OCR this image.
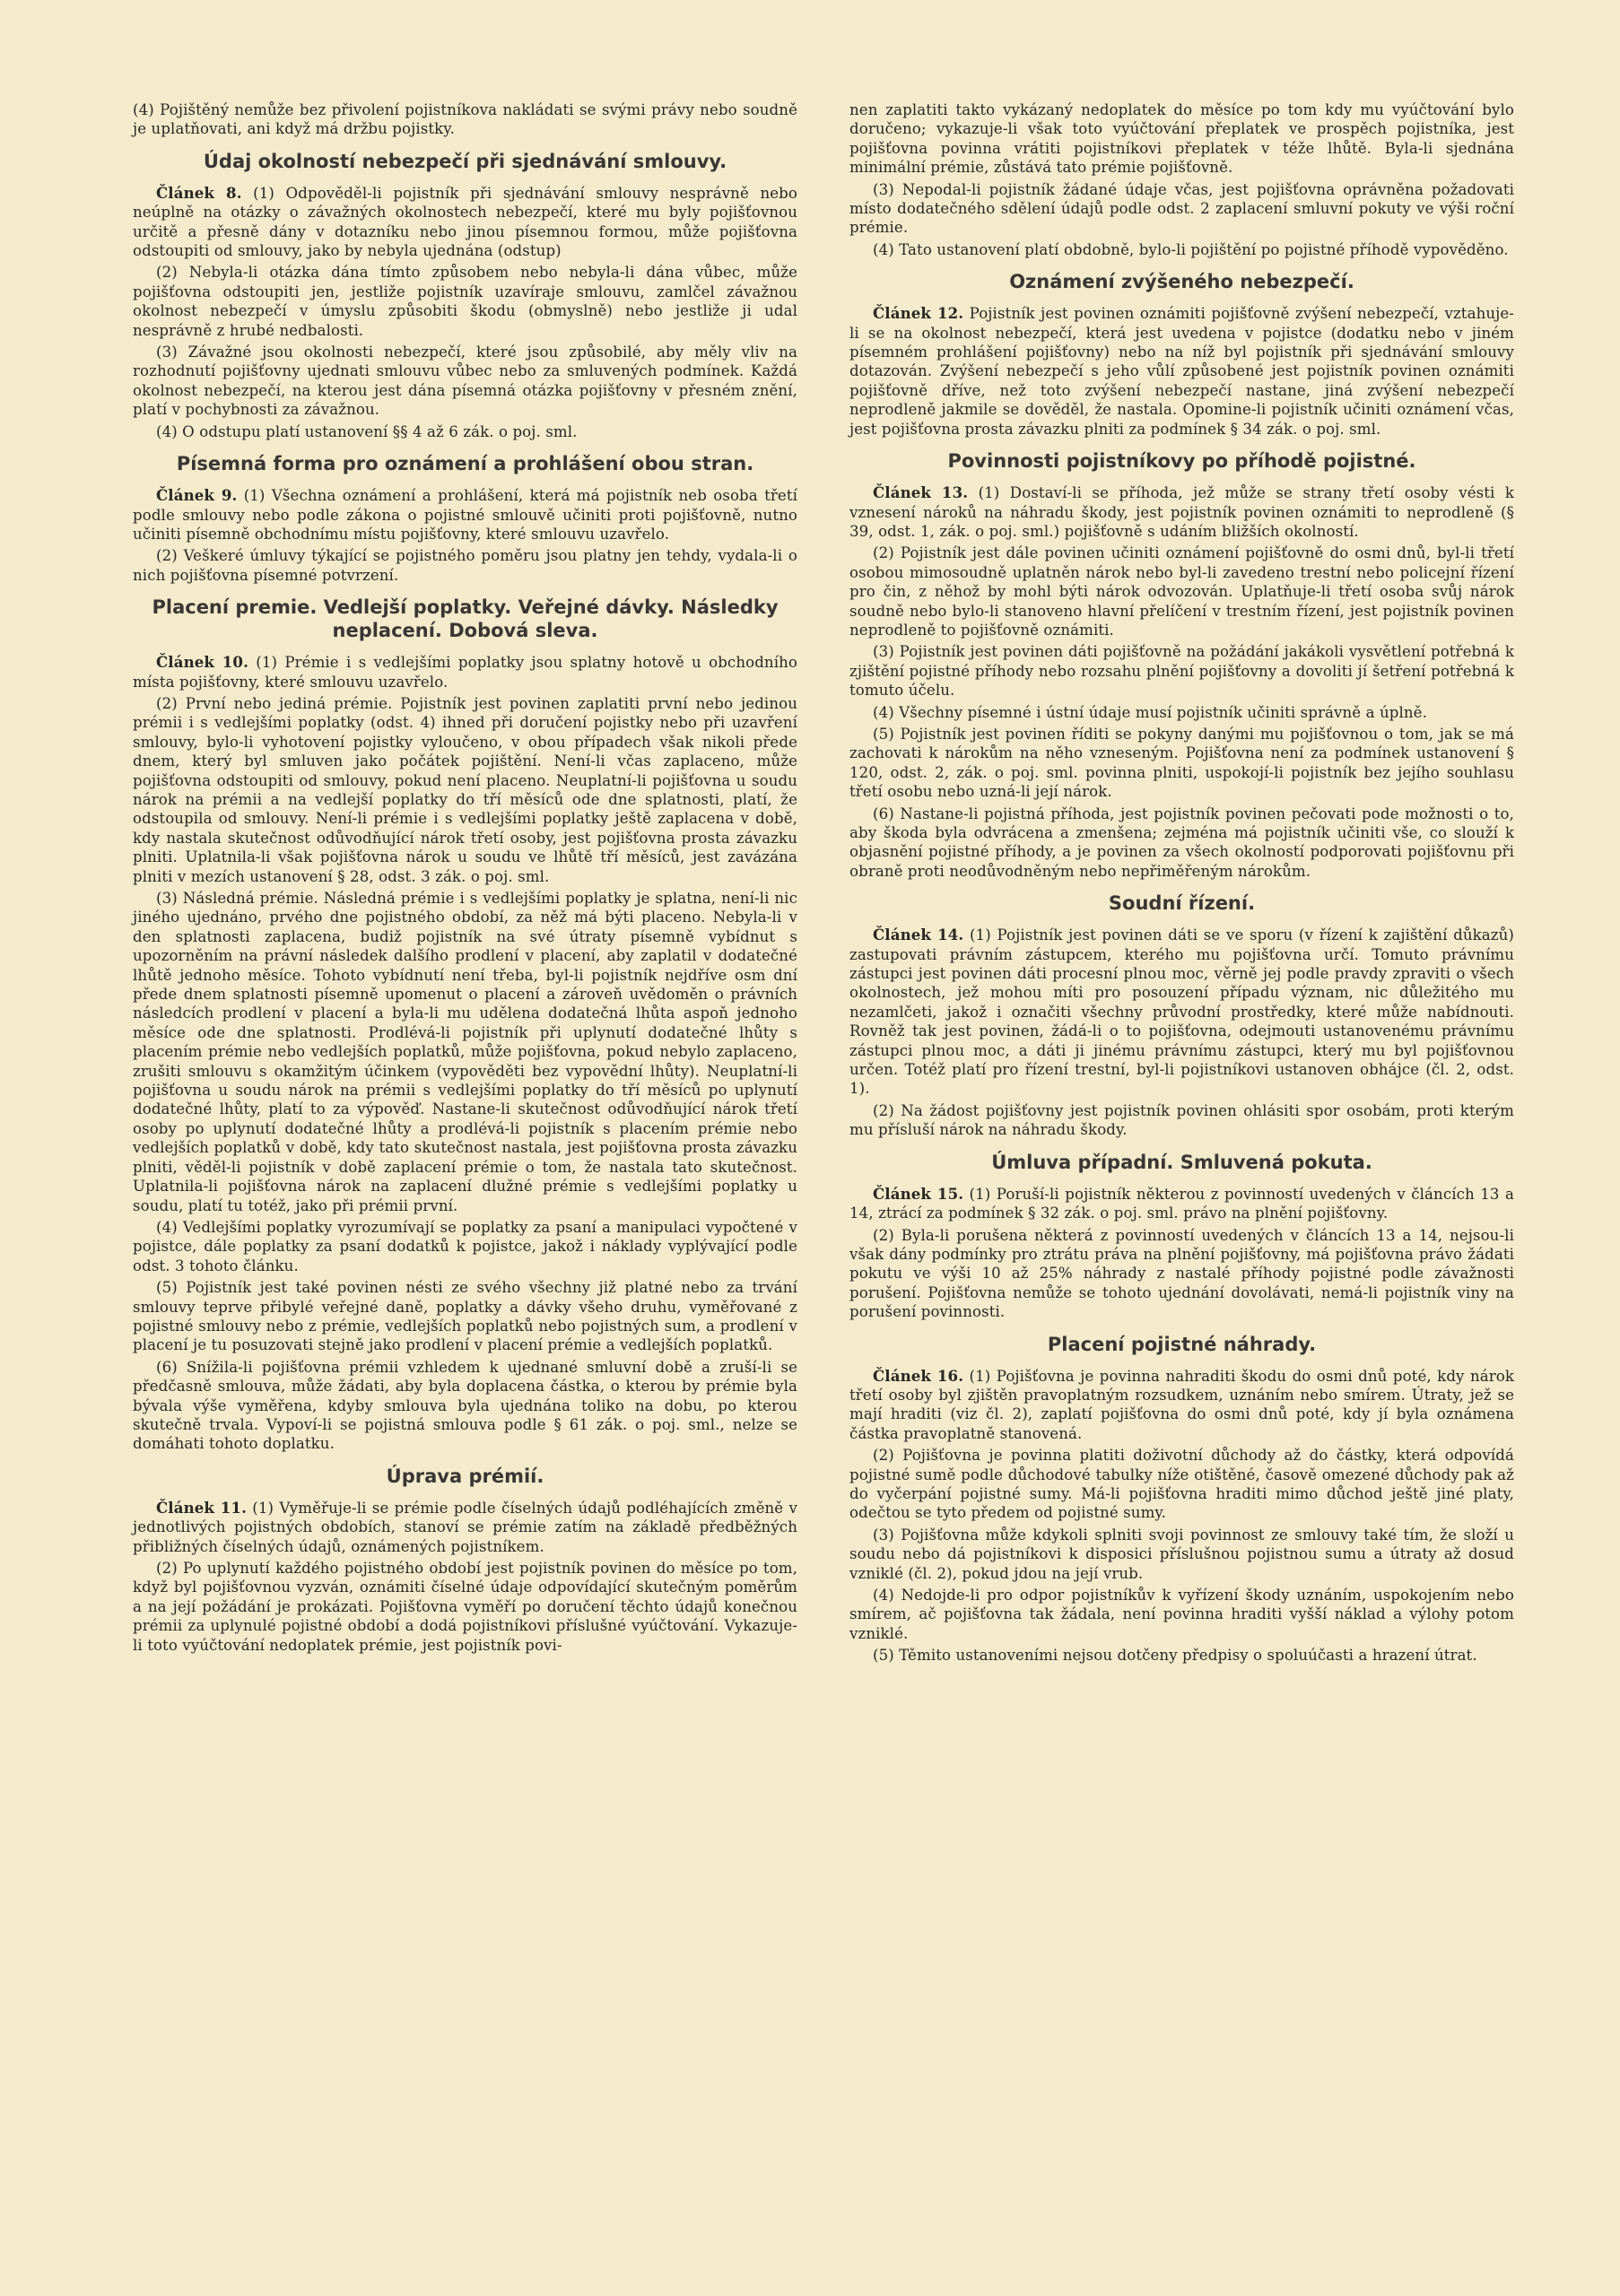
(4) Pojištěný nemůže bez přivolení pojistníkova nakládati se svými právy nebo soudně je uplatňovati, ani když má držbu pojistky.

Údaj okolností nebezpečí při sjednávání smlouvy.

Článek 8. (1) Odpověděl-li pojistník při sjednávání smlouvy nesprávně nebo neúplně na otázky o závažných okolnostech nebezpečí, které mu byly pojišťovnou určitě a přesně dány v dotazníku nebo jinou písemnou formou, může pojišťovna odstoupiti od smlouvy, jako by nebyla ujednána (odstup)

(2) Nebyla-li otázka dána tímto způsobem nebo nebyla-li dána vůbec, může pojišťovna odstoupiti jen, jestliže pojistník uzavíraje smlouvu, zamlčel závažnou okolnost nebezpečí v úmyslu způsobiti škodu (obmyslně) nebo jestliže ji udal nesprávně z hrubé nedbalosti.

(3) Závažné jsou okolnosti nebezpečí, které jsou způsobilé, aby měly vliv na rozhodnutí pojišťovny ujednati smlouvu vůbec nebo za smluvených podmínek. Každá okolnost nebezpečí, na kterou jest dána písemná otázka pojišťovny v přesném znění, platí v pochybnosti za závažnou.

(4) O odstupu platí ustanovení §§ 4 až 6 zák. o poj. sml.

Písemná forma pro oznámení a prohlášení obou stran.

Článek 9. (1) Všechna oznámení a prohlášení, která má pojistník neb osoba třetí podle smlouvy nebo podle zákona o pojistné smlouvě učiniti proti pojišťovně, nutno učiniti písemně obchodnímu místu pojišťovny, které smlouvu uzavřelo.

(2) Veškeré úmluvy týkající se pojistného poměru jsou platny jen tehdy, vydala-li o nich pojišťovna písemné potvrzení.

Placení premie. Vedlejší poplatky. Veřejné dávky. Následky neplacení. Dobová sleva.

Článek 10. (1) Prémie i s vedlejšími poplatky jsou splatny hotově u obchodního místa pojišťovny, které smlouvu uzavřelo.

(2) První nebo jediná prémie. Pojistník jest povinen zaplatiti první nebo jedinou prémii i s vedlejšími poplatky (odst. 4) ihned při doručení pojistky nebo při uzavření smlouvy, bylo-li vyhotovení pojistky vyloučeno, v obou případech však nikoli přede dnem, který byl smluven jako počátek pojištění. Není-li včas zaplaceno, může pojišťovna odstoupiti od smlouvy, pokud není placeno. Neuplatní-li pojišťovna u soudu nárok na prémii a na vedlejší poplatky do tří měsíců ode dne splatnosti, platí, že odstoupila od smlouvy. Není-li prémie i s vedlejšími poplatky ještě zaplacena v době, kdy nastala skutečnost odůvodňující nárok třetí osoby, jest pojišťovna prosta závazku plniti. Uplatnila-li však pojišťovna nárok u soudu ve lhůtě tří měsíců, jest zavázána plniti v mezích ustanovení § 28, odst. 3 zák. o poj. sml.

(3) Následná prémie. Následná prémie i s vedlejšími poplatky je splatna, není-li nic jiného ujednáno, prvého dne pojistného období, za něž má býti placeno. Nebyla-li v den splatnosti zaplacena, budiž pojistník na své útraty písemně vybídnut s upozorněním na právní následek dalšího prodlení v placení, aby zaplatil v dodatečné lhůtě jednoho měsíce. Tohoto vybídnutí není třeba, byl-li pojistník nejdříve osm dní přede dnem splatnosti písemně upomenut o placení a zároveň uvědoměn o právních následcích prodlení v placení a byla-li mu udělena dodatečná lhůta aspoň jednoho měsíce ode dne splatnosti. Prodlévá-li pojistník při uplynutí dodatečné lhůty s placením prémie nebo vedlejších poplatků, může pojišťovna, pokud nebylo zaplaceno, zrušiti smlouvu s okamžitým účinkem (vypověděti bez vypovědní lhůty). Neuplatní-li pojišťovna u soudu nárok na prémii s vedlejšími poplatky do tří měsíců po uplynutí dodatečné lhůty, platí to za výpověď. Nastane-li skutečnost odůvodňující nárok třetí osoby po uplynutí dodatečné lhůty a prodlévá-li pojistník s placením prémie nebo vedlejších poplatků v době, kdy tato skutečnost nastala, jest pojišťovna prosta závazku plniti, věděl-li pojistník v době zaplacení prémie o tom, že nastala tato skutečnost. Uplatnila-li pojišťovna nárok na zaplacení dlužné prémie s vedlejšími poplatky u soudu, platí tu totéž, jako při prémii první.

(4) Vedlejšími poplatky vyrozumívají se poplatky za psaní a manipulaci vypočtené v pojistce, dále poplatky za psaní dodatků k pojistce, jakož i náklady vyplývající podle odst. 3 tohoto článku.

(5) Pojistník jest také povinen nésti ze svého všechny již platné nebo za trvání smlouvy teprve přibylé veřejné daně, poplatky a dávky všeho druhu, vyměřované z pojistné smlouvy nebo z prémie, vedlejších poplatků nebo pojistných sum, a prodlení v placení je tu posuzovati stejně jako prodlení v placení prémie a vedlejších poplatků.

(6) Snížila-li pojišťovna prémii vzhledem k ujednané smluvní době a zruší-li se předčasně smlouva, může žádati, aby byla doplacena částka, o kterou by prémie byla bývala výše vyměřena, kdyby smlouva byla ujednána toliko na dobu, po kterou skutečně trvala. Vypoví-li se pojistná smlouva podle § 61 zák. o poj. sml., nelze se domáhati tohoto doplatku.

Úprava prémií.

Článek 11. (1) Vyměřuje-li se prémie podle číselných údajů podléhajících změně v jednotlivých pojistných obdobích, stanoví se prémie zatím na základě předběžných přibližných číselných údajů, oznámených pojistníkem.

(2) Po uplynutí každého pojistného období jest pojistník povinen do měsíce po tom, když byl pojišťovnou vyzván, oznámiti číselné údaje odpovídající skutečným poměrům a na její požádání je prokázati. Pojišťovna vyměří po doručení těchto údajů konečnou prémii za uplynulé pojistné období a dodá pojistníkovi příslušné vyúčtování. Vykazuje-li toto vyúčtování nedoplatek prémie, jest pojistník povi-

nen zaplatiti takto vykázaný nedoplatek do měsíce po tom kdy mu vyúčtování bylo doručeno; vykazuje-li však toto vyúčtování přeplatek ve prospěch pojistníka, jest pojišťovna povinna vrátiti pojistníkovi přeplatek v téže lhůtě. Byla-li sjednána minimální prémie, zůstává tato prémie pojišťovně.

(3) Nepodal-li pojistník žádané údaje včas, jest pojišťovna oprávněna požadovati místo dodatečného sdělení údajů podle odst. 2 zaplacení smluvní pokuty ve výši roční prémie.

(4) Tato ustanovení platí obdobně, bylo-li pojištění po pojistné příhodě vypověděno.

Oznámení zvýšeného nebezpečí.

Článek 12. Pojistník jest povinen oznámiti pojišťovně zvýšení nebezpečí, vztahuje-li se na okolnost nebezpečí, která jest uvedena v pojistce (dodatku nebo v jiném písemném prohlášení pojišťovny) nebo na níž byl pojistník při sjednávání smlouvy dotazován. Zvýšení nebezpečí s jeho vůlí způsobené jest pojistník povinen oznámiti pojišťovně dříve, než toto zvýšení nebezpečí nastane, jiná zvýšení nebezpečí neprodleně jakmile se dověděl, že nastala. Opomine-li pojistník učiniti oznámení včas, jest pojišťovna prosta závazku plniti za podmínek § 34 zák. o poj. sml.

Povinnosti pojistníkovy po příhodě pojistné.

Článek 13. (1) Dostaví-li se příhoda, jež může se strany třetí osoby vésti k vznesení nároků na náhradu škody, jest pojistník povinen oznámiti to neprodleně (§ 39, odst. 1, zák. o poj. sml.) pojišťovně s udáním bližších okolností.

(2) Pojistník jest dále povinen učiniti oznámení pojišťovně do osmi dnů, byl-li třetí osobou mimosoudně uplatněn nárok nebo byl-li zavedeno trestní nebo policejní řízení pro čin, z něhož by mohl býti nárok odvozován. Uplatňuje-li třetí osoba svůj nárok soudně nebo bylo-li stanoveno hlavní přelíčení v trestním řízení, jest pojistník povinen neprodleně to pojišťovně oznámiti.

(3) Pojistník jest povinen dáti pojišťovně na požádání jakákoli vysvětlení potřebná k zjištění pojistné příhody nebo rozsahu plnění pojišťovny a dovoliti jí šetření potřebná k tomuto účelu.

(4) Všechny písemné i ústní údaje musí pojistník učiniti správně a úplně.

(5) Pojistník jest povinen říditi se pokyny danými mu pojišťovnou o tom, jak se má zachovati k nárokům na něho vzneseným. Pojišťovna není za podmínek ustanovení § 120, odst. 2, zák. o poj. sml. povinna plniti, uspokojí-li pojistník bez jejího souhlasu třetí osobu nebo uzná-li její nárok.

(6) Nastane-li pojistná příhoda, jest pojistník povinen pečovati pode možnosti o to, aby škoda byla odvrácena a zmenšena; zejména má pojistník učiniti vše, co slouží k objasnění pojistné příhody, a je povinen za všech okolností podporovati pojišťovnu při obraně proti neodůvodněným nebo nepřiměřeným nárokům.

Soudní řízení.

Článek 14. (1) Pojistník jest povinen dáti se ve sporu (v řízení k zajištění důkazů) zastupovati právním zástupcem, kterého mu pojišťovna určí. Tomuto právnímu zástupci jest povinen dáti procesní plnou moc, věrně jej podle pravdy zpraviti o všech okolnostech, jež mohou míti pro posouzení případu význam, nic důležitého mu nezamlčeti, jakož i označiti všechny průvodní prostředky, které může nabídnouti. Rovněž tak jest povinen, žádá-li o to pojišťovna, odejmouti ustanovenému právnímu zástupci plnou moc, a dáti ji jinému právnímu zástupci, který mu byl pojišťovnou určen. Totéž platí pro řízení trestní, byl-li pojistníkovi ustanoven obhájce (čl. 2, odst. 1).

(2) Na žádost pojišťovny jest pojistník povinen ohlásiti spor osobám, proti kterým mu přísluší nárok na náhradu škody.

Úmluva případní. Smluvená pokuta.

Článek 15. (1) Poruší-li pojistník některou z povinností uvedených v článcích 13 a 14, ztrácí za podmínek § 32 zák. o poj. sml. právo na plnění pojišťovny.

(2) Byla-li porušena některá z povinností uvedených v článcích 13 a 14, nejsou-li však dány podmínky pro ztrátu práva na plnění pojišťovny, má pojišťovna právo žádati pokutu ve výši 10 až 25% náhrady z nastalé příhody pojistné podle závažnosti porušení. Pojišťovna nemůže se tohoto ujednání dovolávati, nemá-li pojistník viny na porušení povinnosti.

Placení pojistné náhrady.

Článek 16. (1) Pojišťovna je povinna nahraditi škodu do osmi dnů poté, kdy nárok třetí osoby byl zjištěn pravoplatným rozsudkem, uznáním nebo smírem. Útraty, jež se mají hraditi (viz čl. 2), zaplatí pojišťovna do osmi dnů poté, kdy jí byla oznámena částka pravoplatně stanovená.

(2) Pojišťovna je povinna platiti doživotní důchody až do částky, která odpovídá pojistné sumě podle důchodové tabulky níže otištěné, časově omezené důchody pak až do vyčerpání pojistné sumy. Má-li pojišťovna hraditi mimo důchod ještě jiné platy, odečtou se tyto předem od pojistné sumy.

(3) Pojišťovna může kdykoli splniti svoji povinnost ze smlouvy také tím, že složí u soudu nebo dá pojistníkovi k disposici příslušnou pojistnou sumu a útraty až dosud vzniklé (čl. 2), pokud jdou na její vrub.

(4) Nedojde-li pro odpor pojistníkův k vyřízení škody uznáním, uspokojením nebo smírem, ač pojišťovna tak žádala, není povinna hraditi vyšší náklad a výlohy potom vzniklé.

(5) Těmito ustanoveními nejsou dotčeny předpisy o spoluúčasti a hrazení útrat.
